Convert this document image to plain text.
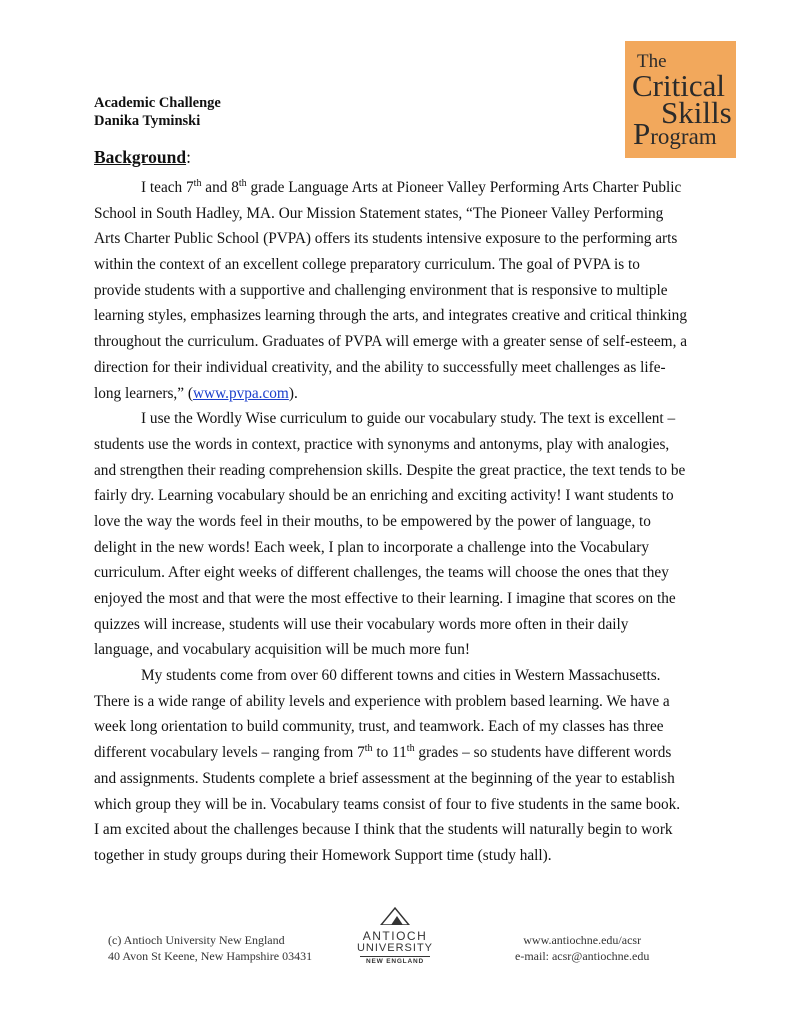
The
Critical
Skills
Program
Academic Challenge
Danika Tyminski
Background:
I teach 7th and 8th grade Language Arts at Pioneer Valley Performing Arts Charter Public
School in South Hadley, MA. Our Mission Statement states, “The Pioneer Valley Performing
Arts Charter Public School (PVPA) offers its students intensive exposure to the performing arts
within the context of an excellent college preparatory curriculum. The goal of PVPA is to
provide students with a supportive and challenging environment that is responsive to multiple
learning styles, emphasizes learning through the arts, and integrates creative and critical thinking
throughout the curriculum. Graduates of PVPA will emerge with a greater sense of self-esteem, a
direction for their individual creativity, and the ability to successfully meet challenges as life-
long learners,” (www.pvpa.com).
I use the Wordly Wise curriculum to guide our vocabulary study. The text is excellent –
students use the words in context, practice with synonyms and antonyms, play with analogies,
and strengthen their reading comprehension skills. Despite the great practice, the text tends to be
fairly dry. Learning vocabulary should be an enriching and exciting activity! I want students to
love the way the words feel in their mouths, to be empowered by the power of language, to
delight in the new words! Each week, I plan to incorporate a challenge into the Vocabulary
curriculum. After eight weeks of different challenges, the teams will choose the ones that they
enjoyed the most and that were the most effective to their learning. I imagine that scores on the
quizzes will increase, students will use their vocabulary words more often in their daily
language, and vocabulary acquisition will be much more fun!
My students come from over 60 different towns and cities in Western Massachusetts.
There is a wide range of ability levels and experience with problem based learning. We have a
week long orientation to build community, trust, and teamwork. Each of my classes has three
different vocabulary levels – ranging from 7th to 11th grades – so students have different words
and assignments. Students complete a brief assessment at the beginning of the year to establish
which group they will be in. Vocabulary teams consist of four to five students in the same book.
I am excited about the challenges because I think that the students will naturally begin to work
together in study groups during their Homework Support time (study hall).
(c) Antioch University New England
40 Avon St Keene, New Hampshire 03431
ANTIOCH
UNIVERSITY
NEW ENGLAND
www.antiochne.edu/acsr
e-mail: acsr@antiochne.edu
